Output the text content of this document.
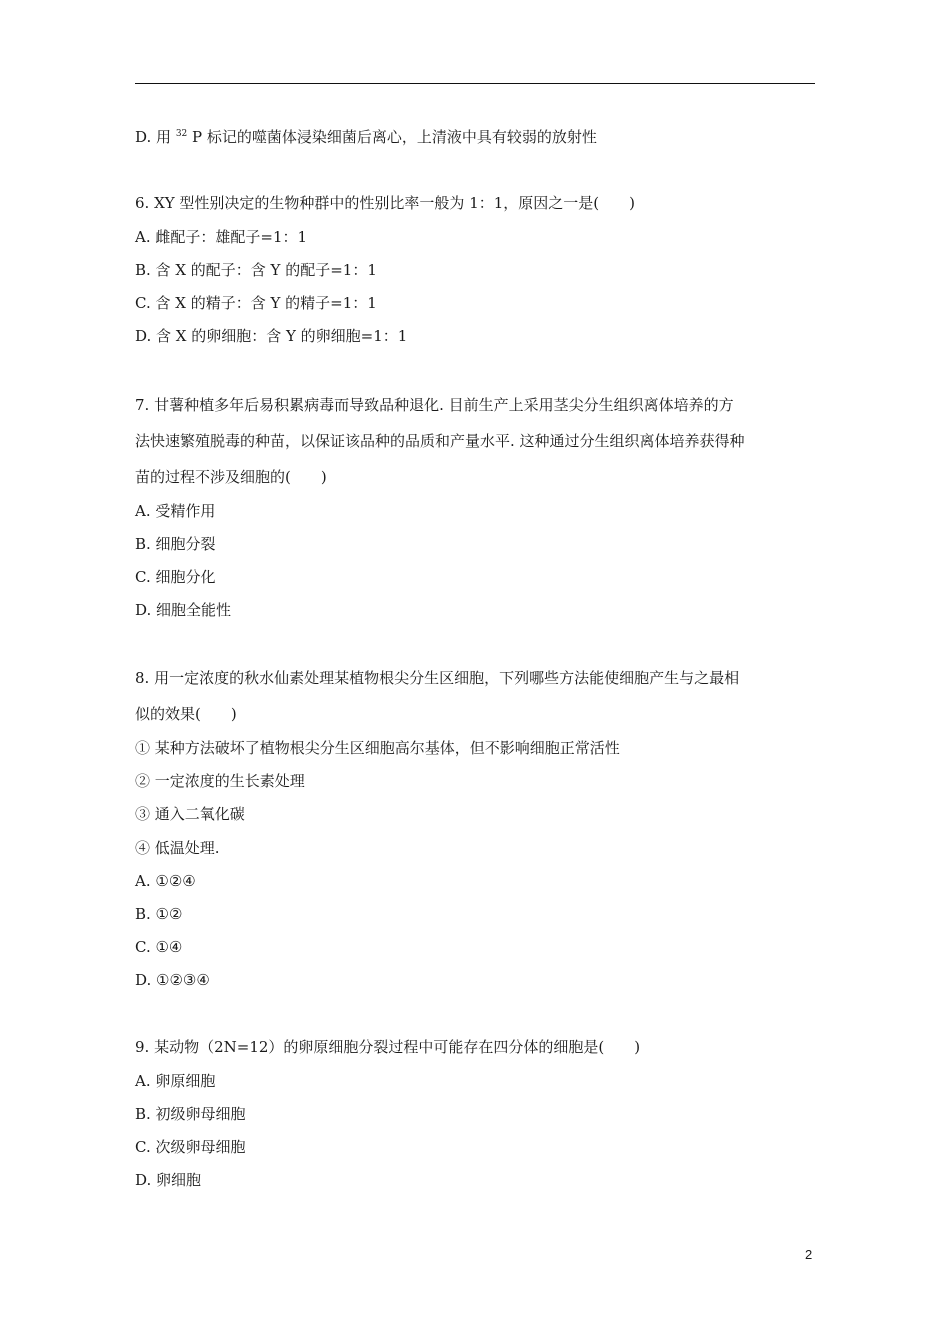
D. 用 $^{32}$ P 标记的噬菌体浸染细菌后离心，上清液中具有较弱的放射性
6. XY 型性别决定的生物种群中的性别比率一般为 1：1，原因之一是(　　)
A. 雌配子：雄配子=1：1
B. 含 X 的配子：含 Y 的配子=1：1
C. 含 X 的精子：含 Y 的精子=1：1
D. 含 X 的卵细胞：含 Y 的卵细胞=1：1
7. 甘薯种植多年后易积累病毒而导致品种退化. 目前生产上采用茎尖分生组织离体培养的方
法快速繁殖脱毒的种苗，以保证该品种的品质和产量水平. 这种通过分生组织离体培养获得种
苗的过程不涉及细胞的(　　)
A. 受精作用
B. 细胞分裂
C. 细胞分化
D. 细胞全能性
8. 用一定浓度的秋水仙素处理某植物根尖分生区细胞，下列哪些方法能使细胞产生与之最相
似的效果(　　)
① 某种方法破坏了植物根尖分生区细胞高尔基体，但不影响细胞正常活性
② 一定浓度的生长素处理
③ 通入二氧化碳
④ 低温处理.
A. ①②④
B. ①②
C. ①④
D. ①②③④
9. 某动物（2N=12）的卵原细胞分裂过程中可能存在四分体的细胞是(　　)
A. 卵原细胞
B. 初级卵母细胞
C. 次级卵母细胞
D. 卵细胞
2
